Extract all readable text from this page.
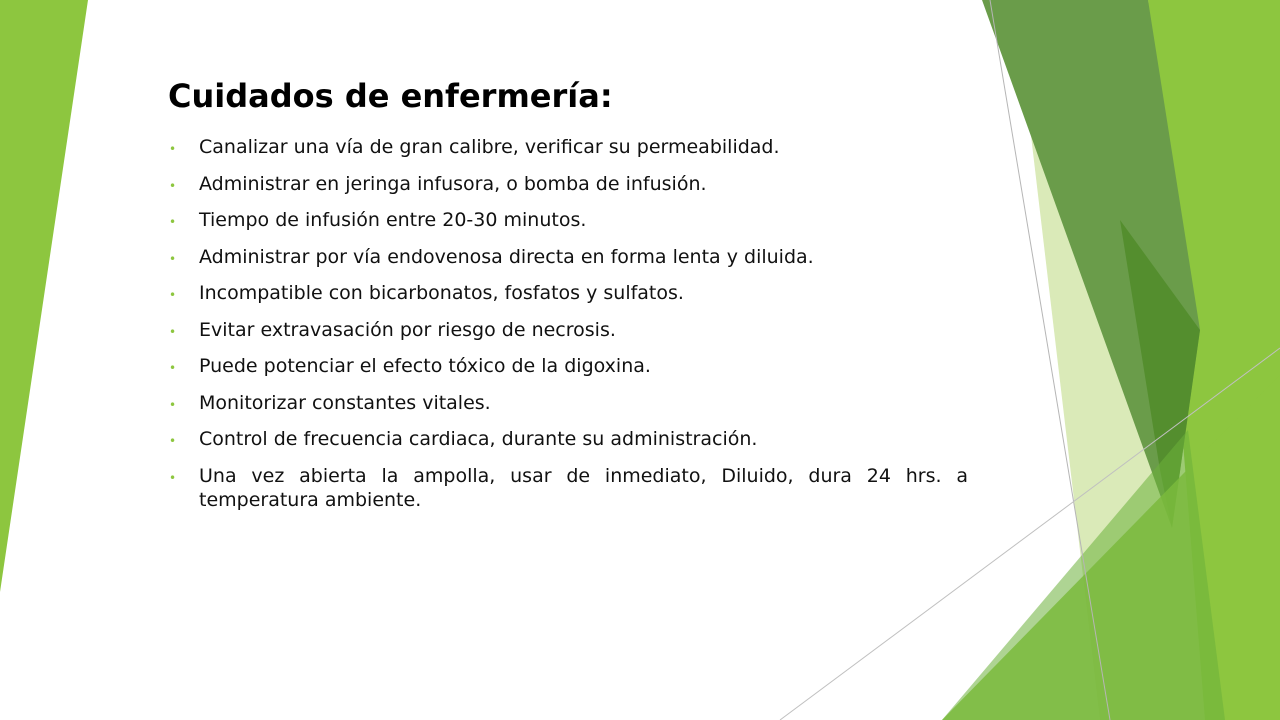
Cuidados de enfermería:
• Canalizar una vía de gran calibre, verificar su permeabilidad.
• Administrar en jeringa infusora, o bomba de infusión.
• Tiempo de infusión entre 20-30 minutos.
• Administrar por vía endovenosa directa en forma lenta y diluida.
• Incompatible con bicarbonatos, fosfatos y sulfatos.
• Evitar extravasación por riesgo de necrosis.
• Puede potenciar el efecto tóxico de la digoxina.
• Monitorizar constantes vitales.
• Control de frecuencia cardiaca, durante su administración.
• Una vez abierta la ampolla, usar de inmediato, Diluido, dura 24 hrs. a temperatura ambiente.
